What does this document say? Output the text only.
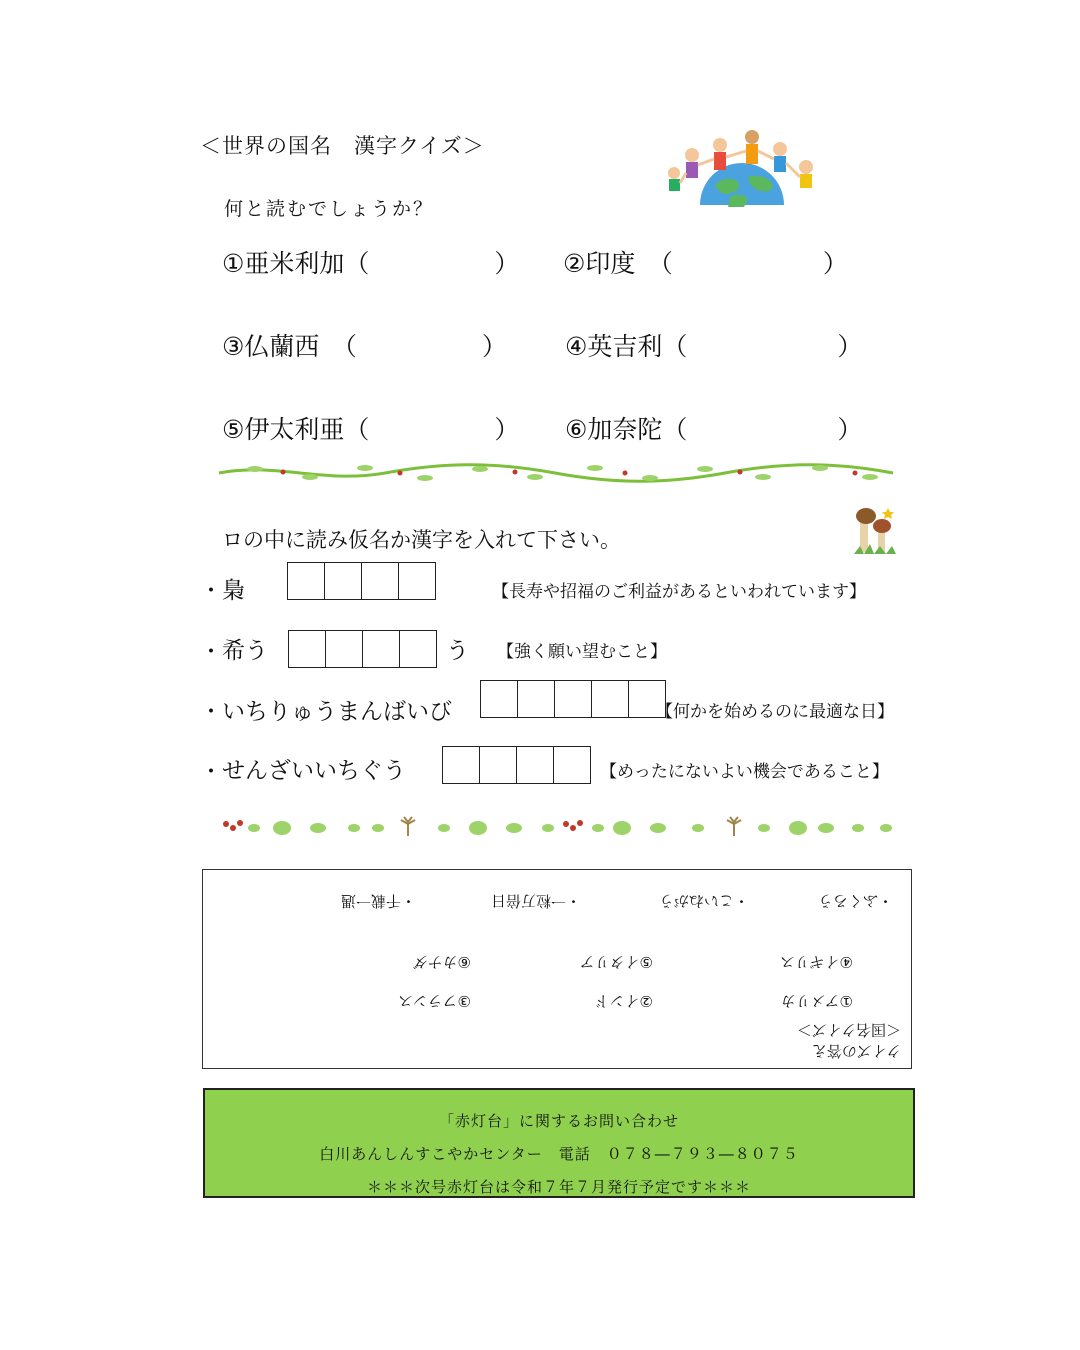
＜世界の国名　漢字クイズ＞
何と読むでしょうか？
①亜米利加（　　　　　） ②印度　（　　　　　　）
③仏蘭西　（　　　　　） ④英吉利（　　　　　　）
⑤伊太利亜（　　　　　） ⑥加奈陀（　　　　　　）
ロの中に読み仮名か漢字を入れて下さい。
・ 梟	【長寿や招福のご利益があるといわれています】
・ 希う	う 【強く願い望むこと】
・ いちりゅうまんばいび	【何かを始めるのに最適な日】
・ せんざいいちぐう	【めったにないよい機会であること】
クイズの答え
＜国名クイズ＞
①アメリカ
②インド
③フランス
④イギリス
⑤イタリア
⑥カナダ
・ふくろう
・こいねがう
・一粒万倍日
・千載一遇
「赤灯台」に関するお問い合わせ
白川あんしんすこやかセンター　電話　０７８―７９３―８０７５
＊＊＊次号赤灯台は令和７年７月発行予定です＊＊＊
